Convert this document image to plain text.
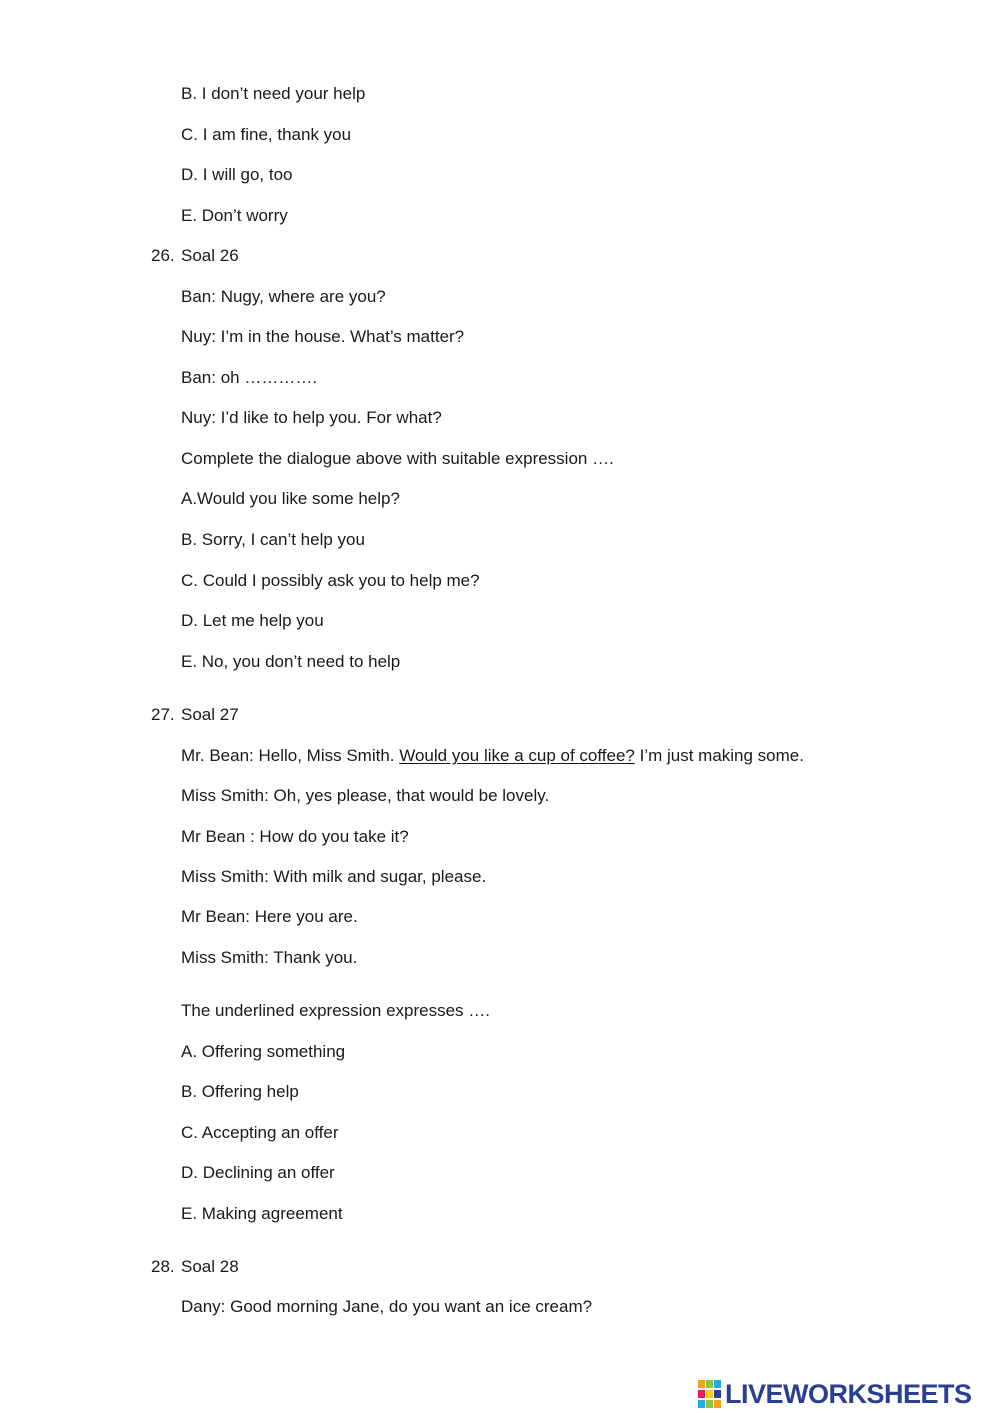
B. I don’t need your help
C. I am fine, thank you
D. I will go, too
E. Don’t worry
26. Soal 26
Ban: Nugy, where are you?
Nuy: I’m in the house. What’s matter?
Ban: oh ………….
Nuy: I’d like to help you. For what?
Complete the dialogue above with suitable expression ….
A.Would you like some help?
B. Sorry, I can’t help you
C. Could I possibly ask you to help me?
D. Let me help you
E. No, you don’t need to help
27. Soal 27
Mr. Bean: Hello, Miss Smith. Would you like a cup of coffee? I’m just making some.
Miss Smith: Oh, yes please, that would be lovely.
Mr Bean : How do you take it?
Miss Smith: With milk and sugar, please.
Mr Bean: Here you are.
Miss Smith: Thank you.
The underlined expression expresses ….
A. Offering something
B. Offering help
C. Accepting an offer
D. Declining an offer
E. Making agreement
28. Soal 28
Dany: Good morning Jane, do you want an ice cream?
LIVEWORKSHEETS
